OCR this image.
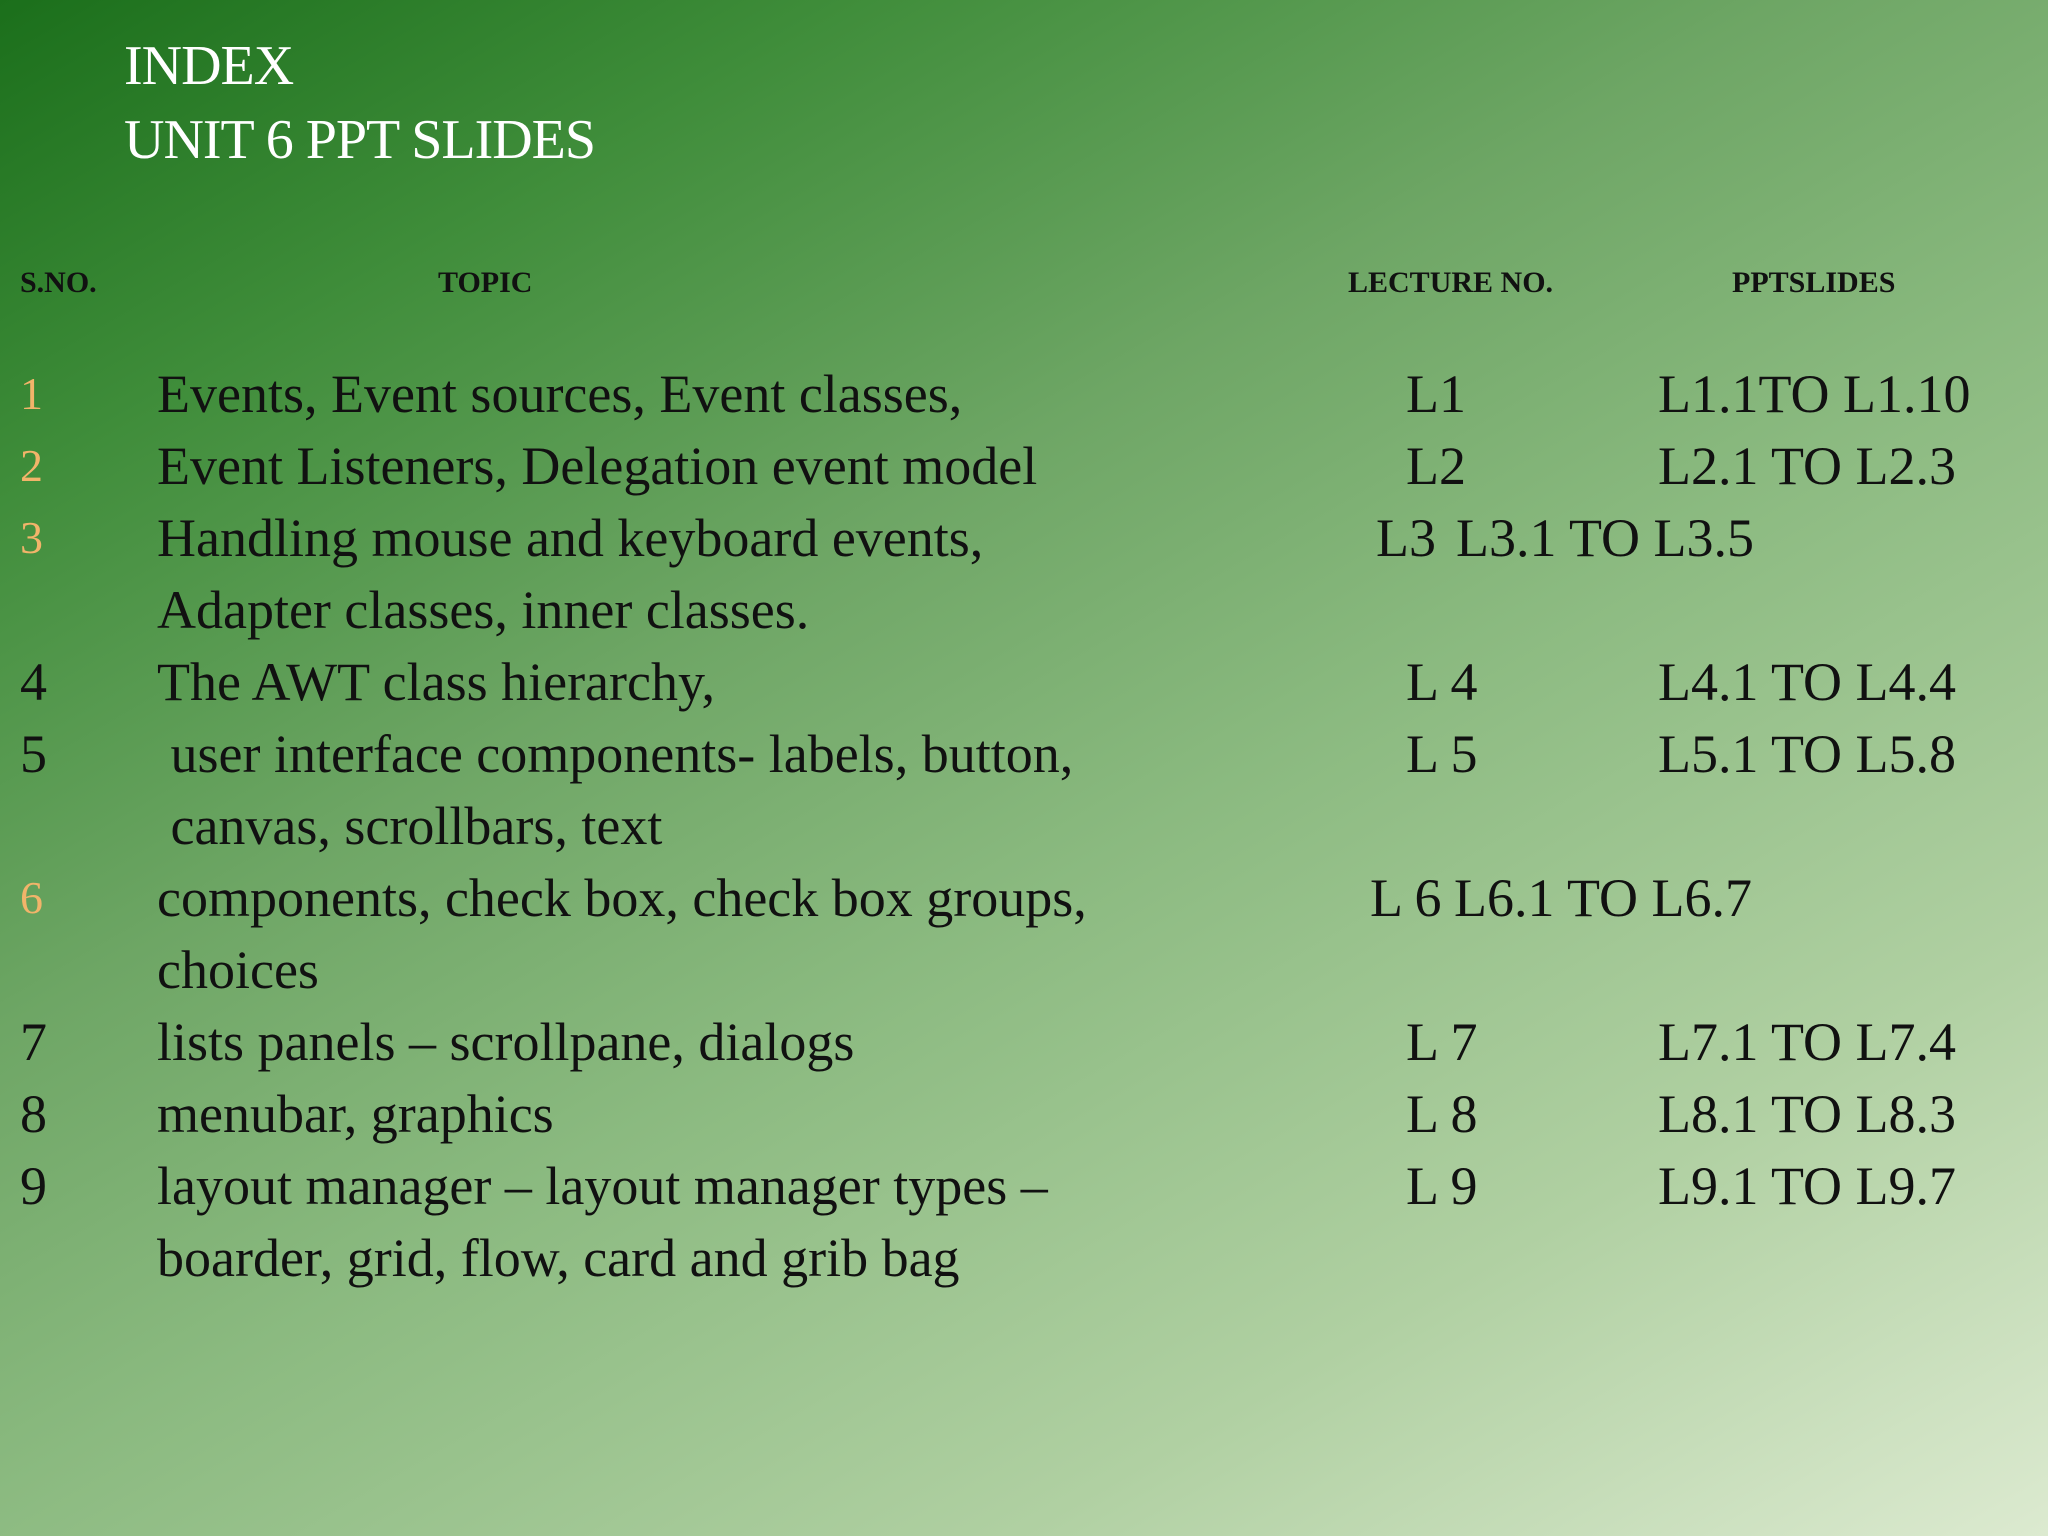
INDEX
UNIT 6 PPT SLIDES
S.NO.	TOPIC	LECTURE NO.	PPTSLIDES
1 Events, Event sources, Event classes,	L1	L1.1TO L1.10
2 Event Listeners, Delegation event model	L2	L2.1 TO L2.3
3 Handling mouse and keyboard events,
Adapter classes, inner classes.
L3 L3.1 TO L3.5
4 The AWT class hierarchy,	L 4	L4.1 TO L4.4
5 user interface components- labels, button,
canvas, scrollbars, text
L 5	L5.1 TO L5.8
6 components, check box, check box groups,
choices
L 6 L6.1 TO L6.7
7 lists panels – scrollpane, dialogs	L 7	L7.1 TO L7.4
8 menubar, graphics	L 8	L8.1 TO L8.3
9 layout manager – layout manager types –
boarder, grid, flow, card and grib bag
L 9	L9.1 TO L9.7
